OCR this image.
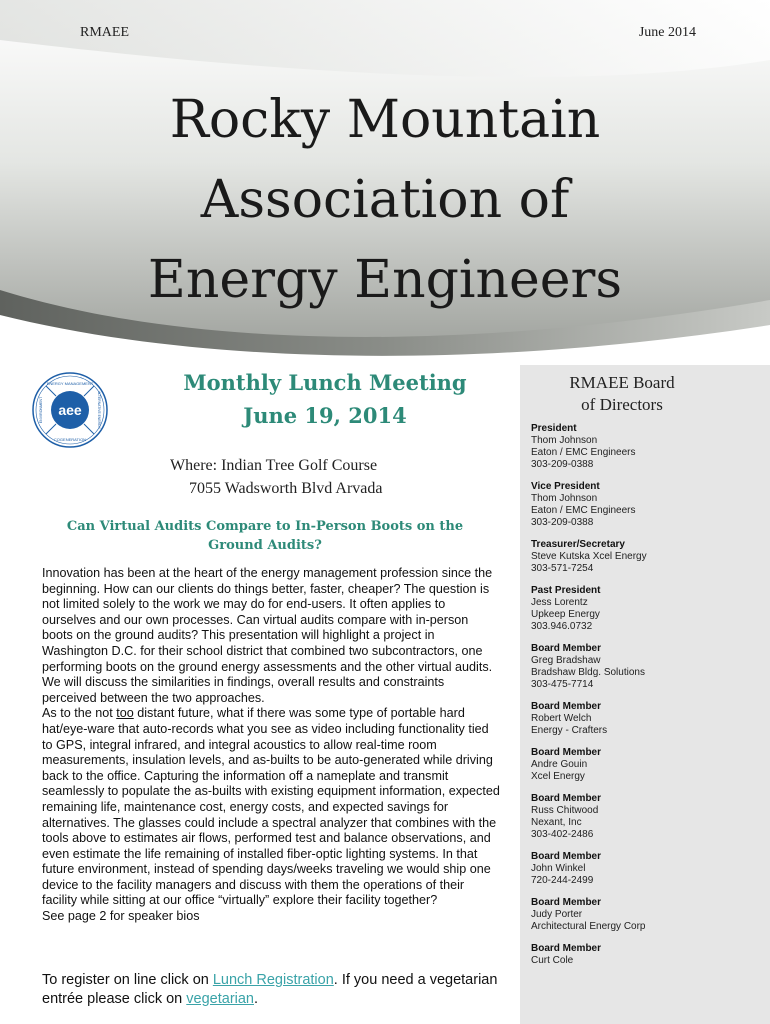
RMAEE	June 2014
Rocky Mountain
Association of
Energy Engineers
ENERGY MANAGEMENT
COGENERATION
ENVIRONMENT	ALTERNATIVE ENERGY
aee
Monthly Lunch Meeting
June 19, 2014
Where: Indian Tree Golf Course
7055 Wadsworth Blvd Arvada
Can Virtual Audits Compare to In-Person Boots on the Ground Audits?

Innovation has been at the heart of the energy management profession since the beginning. How can our clients do things better, faster, cheaper? The question is not limited solely to the work we may do for end-users. It often applies to ourselves and our own processes. Can virtual audits compare with in-person boots on the ground audits? This presentation will highlight a project in Washington D.C. for their school district that combined two subcontractors, one performing boots on the ground energy assessments and the other virtual audits. We will discuss the similarities in findings, overall results and constraints perceived between the two approaches.

As to the not too distant future, what if there was some type of portable hard hat/eye-ware that auto-records what you see as video including functionality tied to GPS, integral infrared, and integral acoustics to allow real-time room measurements, insulation levels, and as-builts to be auto-generated while driving back to the office. Capturing the information off a nameplate and transmit seamlessly to populate the as-builts with existing equipment information, expected remaining life, maintenance cost, energy costs, and expected savings for alternatives. The glasses could include a spectral analyzer that combines with the tools above to estimates air flows, performed test and balance observations, and even estimate the life remaining of installed fiber-optic lighting systems. In that future environment, instead of spending days/weeks traveling we would ship one device to the facility managers and discuss with them the operations of their facility while sitting at our office “virtually” explore their facility together?

See page 2 for speaker bios

To register on line click on Lunch Registration. If you need a vegetarian entrée please click on vegetarian.
RMAEE Board
of Directors
President
Thom Johnson
Eaton / EMC Engineers
303-209-0388
Vice President
Thom Johnson
Eaton / EMC Engineers
303-209-0388
Treasurer/Secretary
Steve Kutska Xcel Energy
303-571-7254
Past President
Jess Lorentz
Upkeep Energy
303.946.0732
Board Member
Greg Bradshaw
Bradshaw Bldg. Solutions
303-475-7714
Board Member
Robert Welch
Energy - Crafters
Board Member
Andre Gouin
Xcel Energy
Board Member
Russ Chitwood
Nexant, Inc
303-402-2486
Board Member
John Winkel
720-244-2499
Board Member
Judy Porter
Architectural Energy Corp
Board Member
Curt Cole
